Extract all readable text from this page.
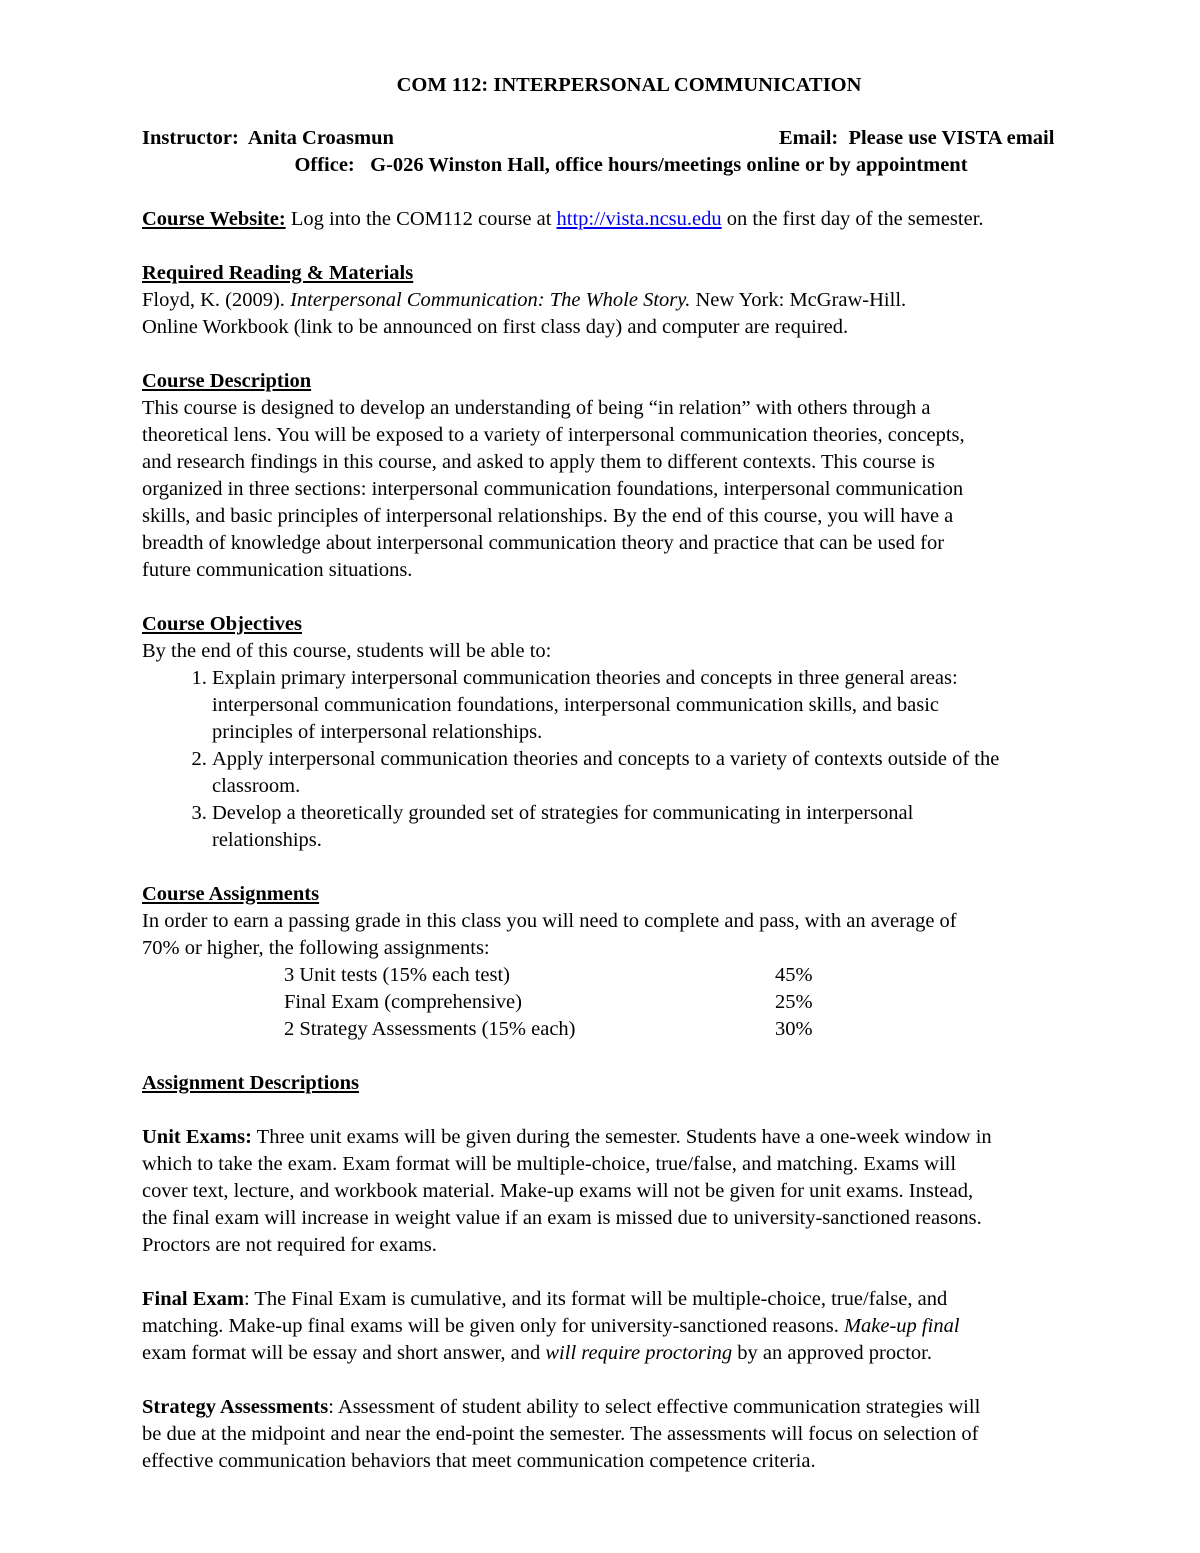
COM 112: INTERPERSONAL COMMUNICATION
Instructor: Anita Croasmun	Email: Please use VISTA email
Office: G-026 Winston Hall, office hours/meetings online or by appointment
Course Website: Log into the COM112 course at http://vista.ncsu.edu on the first day of the semester.
Required Reading & Materials
Floyd, K. (2009). Interpersonal Communication: The Whole Story. New York: McGraw-Hill.
Online Workbook (link to be announced on first class day) and computer are required.
Course Description
This course is designed to develop an understanding of being “in relation” with others through a
theoretical lens. You will be exposed to a variety of interpersonal communication theories, concepts,
and research findings in this course, and asked to apply them to different contexts. This course is
organized in three sections: interpersonal communication foundations, interpersonal communication
skills, and basic principles of interpersonal relationships. By the end of this course, you will have a
breadth of knowledge about interpersonal communication theory and practice that can be used for
future communication situations.
Course Objectives
By the end of this course, students will be able to:
1. Explain primary interpersonal communication theories and concepts in three general areas:
interpersonal communication foundations, interpersonal communication skills, and basic
principles of interpersonal relationships.
2. Apply interpersonal communication theories and concepts to a variety of contexts outside of the
classroom.
3. Develop a theoretically grounded set of strategies for communicating in interpersonal
relationships.
Course Assignments
In order to earn a passing grade in this class you will need to complete and pass, with an average of
70% or higher, the following assignments:
3 Unit tests (15% each test)	45%
Final Exam (comprehensive)	25%
2 Strategy Assessments (15% each)	30%
Assignment Descriptions
Unit Exams: Three unit exams will be given during the semester. Students have a one-week window in
which to take the exam. Exam format will be multiple-choice, true/false, and matching. Exams will
cover text, lecture, and workbook material. Make-up exams will not be given for unit exams. Instead,
the final exam will increase in weight value if an exam is missed due to university-sanctioned reasons.
Proctors are not required for exams.
Final Exam: The Final Exam is cumulative, and its format will be multiple-choice, true/false, and
matching. Make-up final exams will be given only for university-sanctioned reasons. Make-up final
exam format will be essay and short answer, and will require proctoring by an approved proctor.
Strategy Assessments: Assessment of student ability to select effective communication strategies will
be due at the midpoint and near the end-point the semester. The assessments will focus on selection of
effective communication behaviors that meet communication competence criteria.
